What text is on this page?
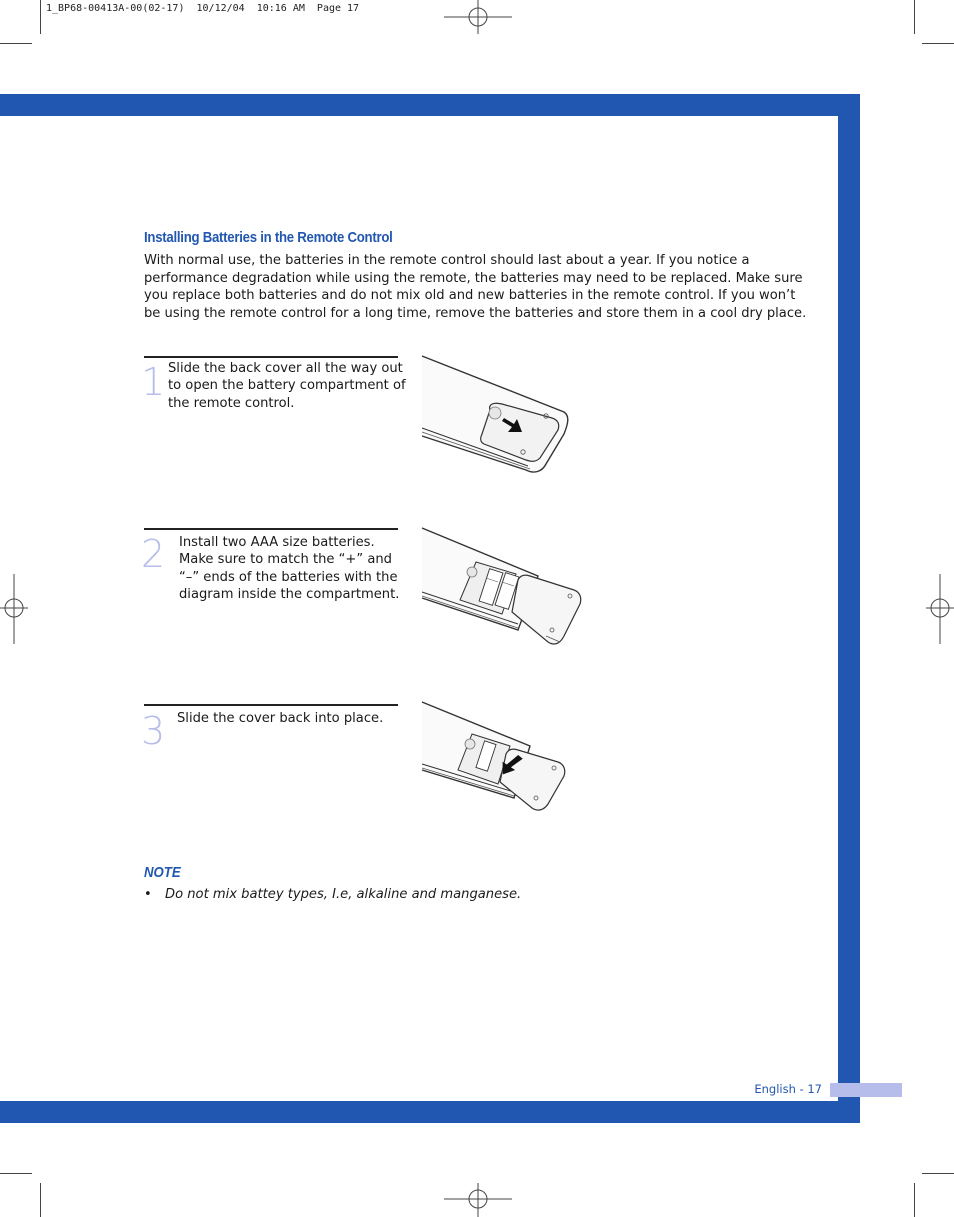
1_BP68-00413A-00(02-17)  10/12/04  10:16 AM  Page 17
English - 17
Installing Batteries in the Remote Control
With normal use, the batteries in the remote control should last about a year. If you notice a performance degradation while using the remote, the batteries may need to be replaced. Make sure you replace both batteries and do not mix old and new batteries in the remote control. If you won’t be using the remote control for a long time, remove the batteries and store them in a cool dry place.
1 Slide the back cover all the way out
to open the battery compartment of
the remote control.
2 Install two AAA size batteries.
Make sure to match the “+” and
“–” ends of the batteries with the
diagram inside the compartment.
3 Slide the cover back into place.
NOTE
• Do not mix battey types, I.e, alkaline and manganese.
